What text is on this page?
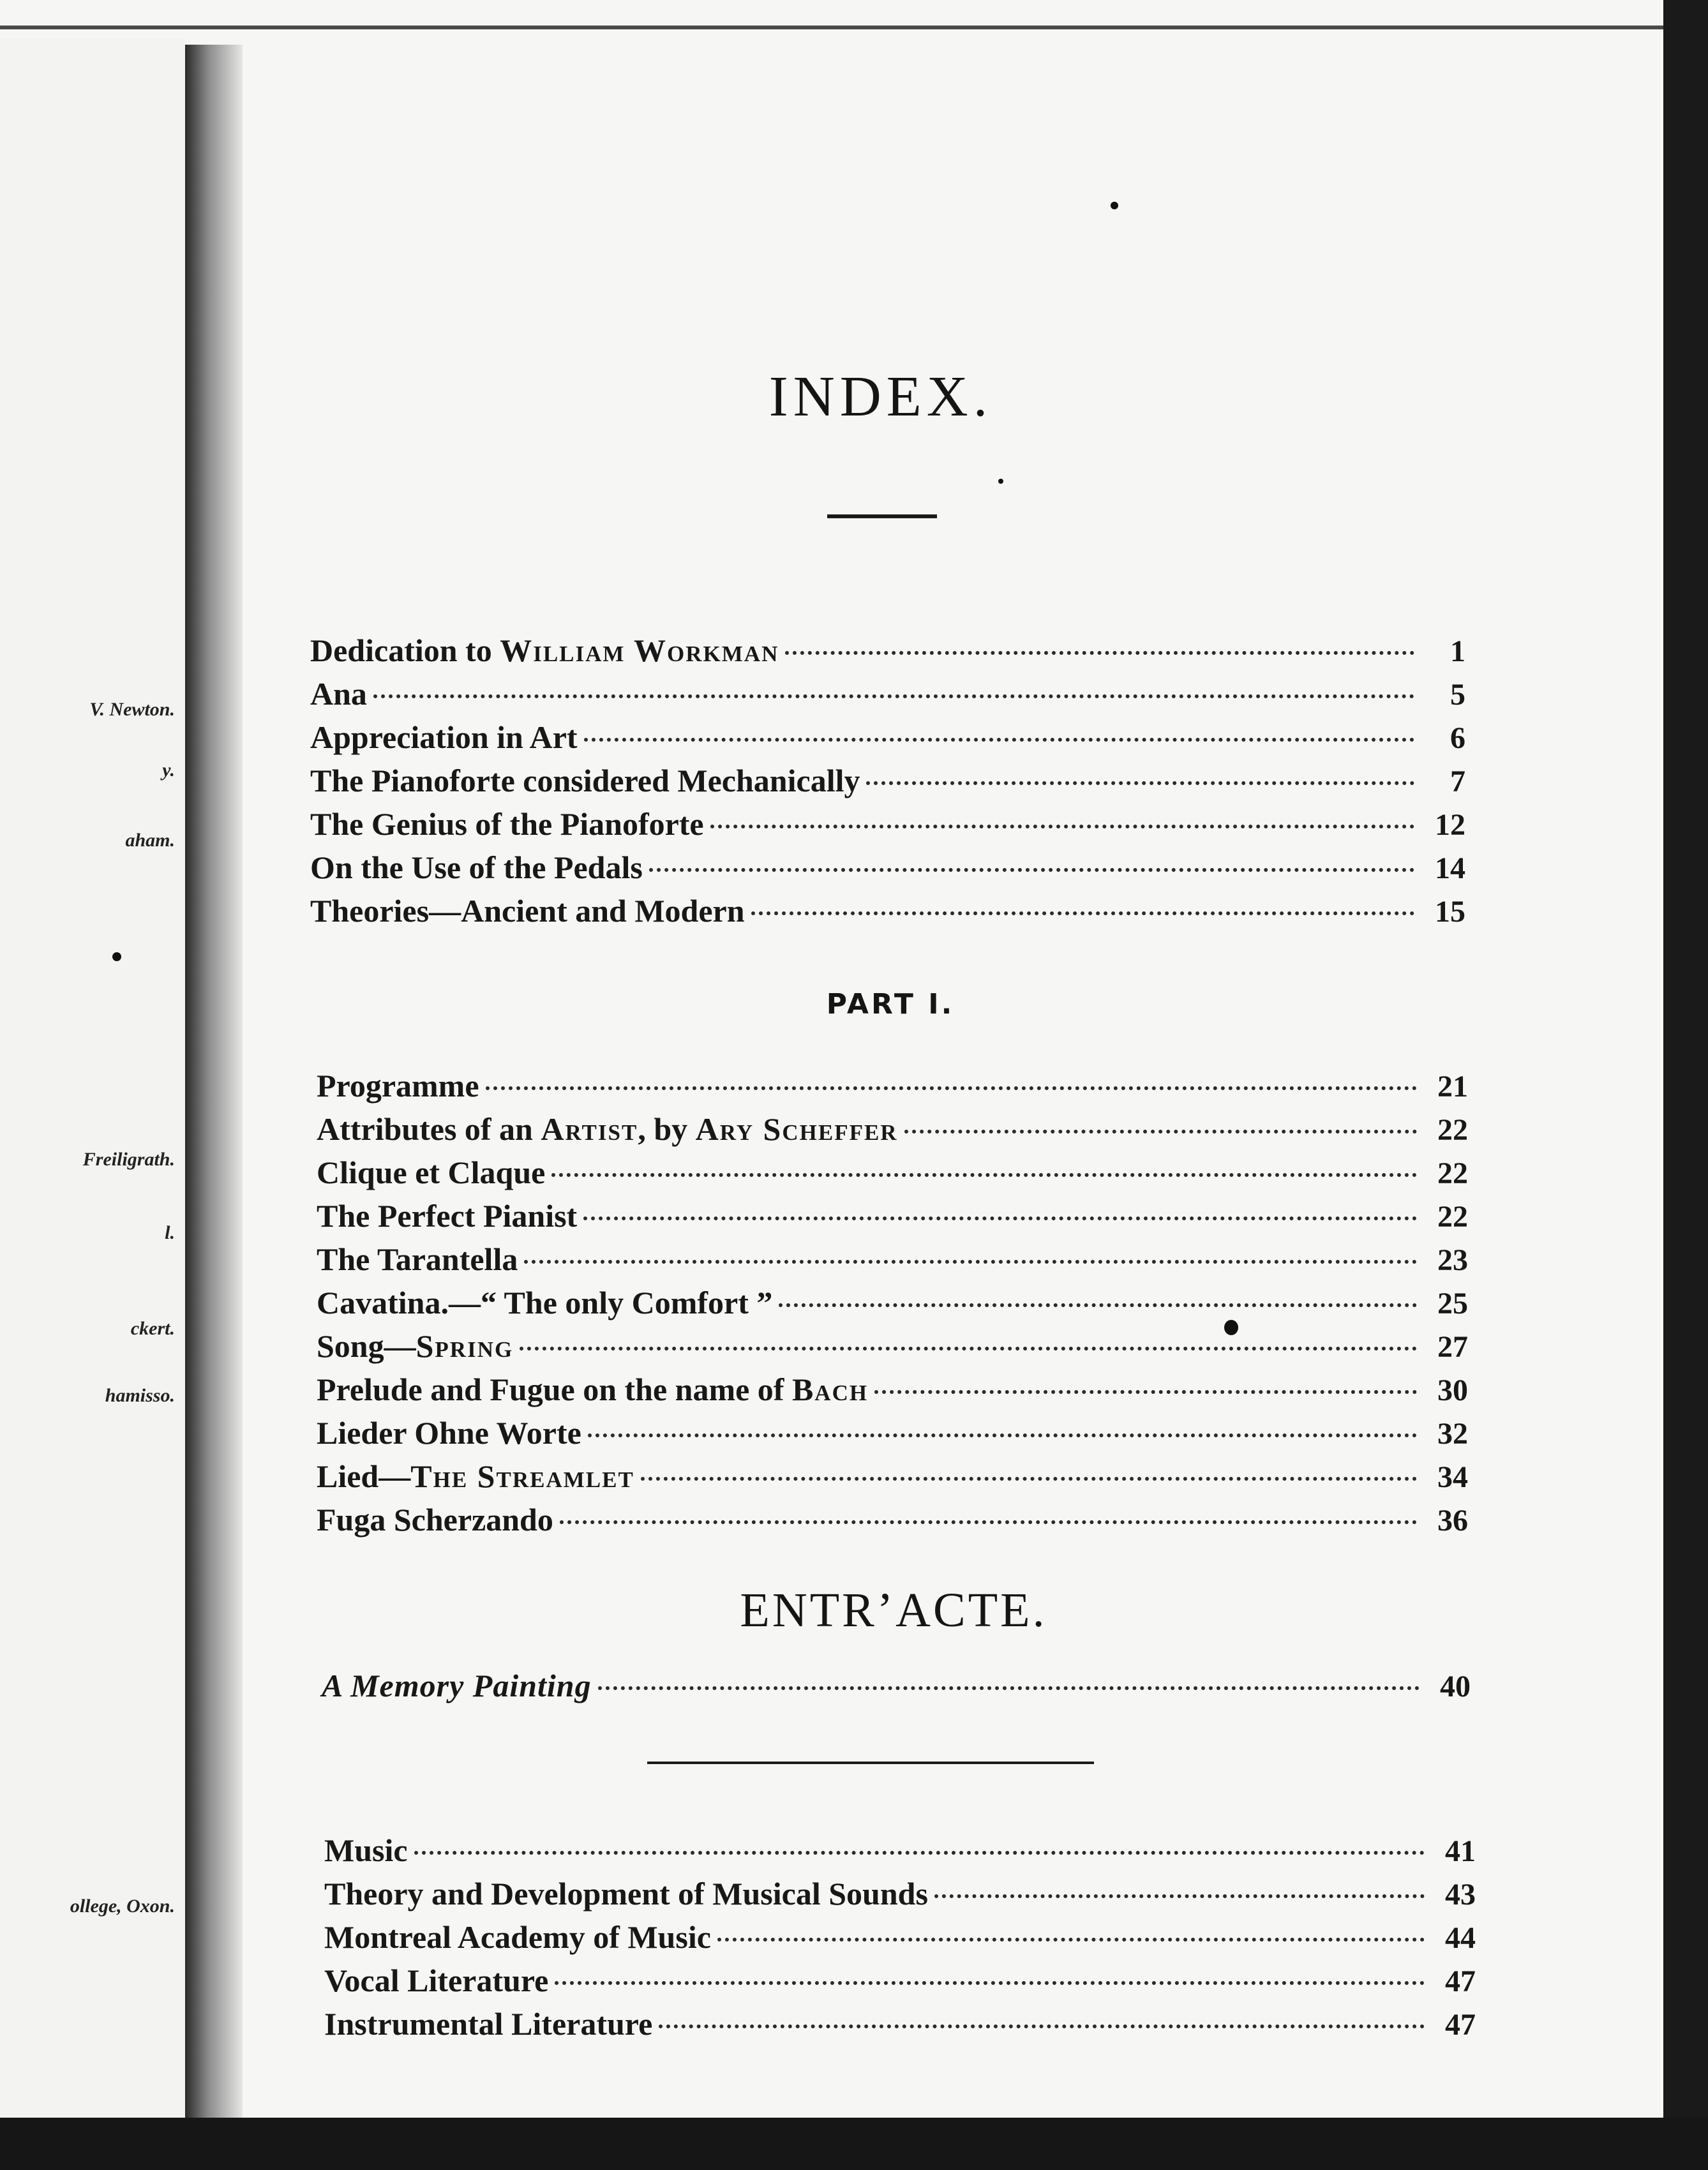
V. Newton.
y.
aham.
Freiligrath.
l.
ckert.
hamisso.
ollege, Oxon.
INDEX.
Dedication to William Workman	1
Ana	5
Appreciation in Art	6
The Pianoforte considered Mechanically	7
The Genius of the Pianoforte	12
On the Use of the Pedals	14
Theories—Ancient and Modern	15
PART I.
Programme	21
Attributes of an Artist, by Ary Scheffer	22
Clique et Claque	22
The Perfect Pianist	22
The Tarantella	23
Cavatina.—“ The only Comfort ”	25
Song—Spring	27
Prelude and Fugue on the name of Bach	30
Lieder Ohne Worte	32
Lied—The Streamlet	34
Fuga Scherzando	36
ENTR’ACTE.
A Memory Painting	40
Music	41
Theory and Development of Musical Sounds	43
Montreal Academy of Music	44
Vocal Literature	47
Instrumental Literature	47
